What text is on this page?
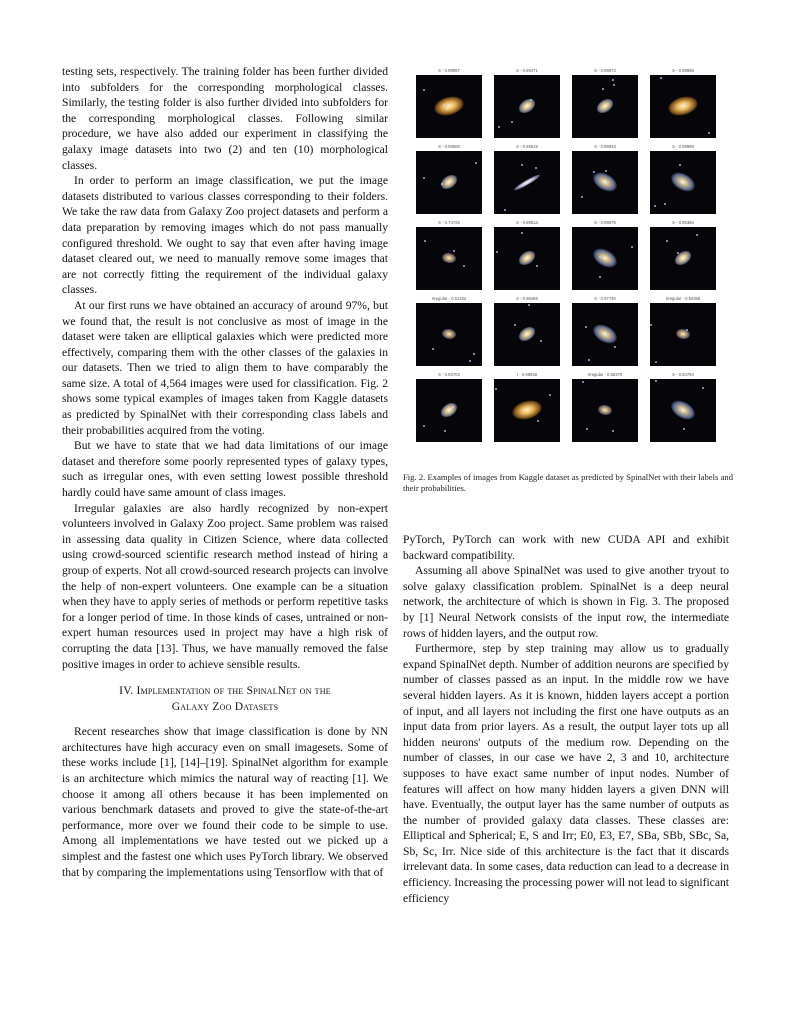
testing sets, respectively. The training folder has been further divided into subfolders for the corresponding morphological classes. Similarly, the testing folder is also further divided into subfolders for the corresponding morphological classes. Following similar procedure, we have also added our experiment in classifying the galaxy image datasets into two (2) and ten (10) morphological classes.

In order to perform an image classification, we put the image datasets distributed to various classes corresponding to their folders. We take the raw data from Galaxy Zoo project datasets and perform a data preparation by removing images which do not pass manually configured threshold. We ought to say that even after having image dataset cleared out, we need to manually remove some images that are not correctly fitting the requirement of the individual galaxy classes.

At our first runs we have obtained an accuracy of around 97%, but we found that, the result is not conclusive as most of image in the dataset were taken are elliptical galaxies which were predicted more effectively, comparing them with the other classes of the galaxies in our datasets. Then we tried to align them to have comparably the same size. A total of 4,564 images were used for classification. Fig. 2 shows some typical examples of images taken from Kaggle datasets as predicted by SpinalNet with their corresponding class labels and their probabilities acquired from the voting.

But we have to state that we had data limitations of our image dataset and therefore some poorly represented types of galaxy types, such as irregular ones, with even setting lowest possible threshold hardly could have same amount of class images.

Irregular galaxies are also hardly recognized by non-expert volunteers involved in Galaxy Zoo project. Same problem was raised in assessing data quality in Citizen Science, where data collected using crowd-sourced scientific research method instead of hiring a group of experts. Not all crowd-sourced research projects can involve the help of non-expert volunteers. One example can be a situation when they have to apply series of methods or perform repetitive tasks for a longer period of time. In those kinds of cases, untrained or non-expert human resources used in project may have a high risk of corrupting the data [13]. Thus, we have manually removed the false positive images in order to achieve sensible results.

IV. Implementation of the SpinalNet on the
Galaxy Zoo Datasets

Recent researches show that image classification is done by NN architectures have high accuracy even on small imagesets. Some of these works include [1], [14]–[19]. SpinalNet algorithm for example is an architecture which mimics the natural way of reacting [1]. We choose it among all others because it has been implemented on various benchmark datasets and proved to give the state-of-the-art performance, more over we found their code to be simple to use. Among all implementations we have tested out we picked up a simplest and the fastest one which uses PyTorch library. We observed that by comparing the implementations using Tensorflow with that of

S - 0.99997	S - 0.99471	S - 0.99973	S - 0.99999
S - 0.99500	S - 0.99619	S - 0.99933	S - 0.99998
S - 0.74726	S - 0.8951a	S - 0.99675	S - 0.96366
Irregular - 0.51232	S - 0.96465	S - 0.97740	Irregular - 0.54358
S - 0.93703	I - 0.99948	Irregular - 0.55370	S - 0.94794
Fig. 2. Examples of images from Kaggle dataset as predicted by SpinalNet with their labels and their probabilities.

PyTorch, PyTorch can work with new CUDA API and exhibit backward compatibility.

Assuming all above SpinalNet was used to give another tryout to solve galaxy classification problem. SpinalNet is a deep neural network, the architecture of which is shown in Fig. 3. The proposed by [1] Neural Network consists of the input row, the intermediate rows of hidden layers, and the output row.

Furthermore, step by step training may allow us to gradually expand SpinalNet depth. Number of addition neurons are specified by number of classes passed as an input. In the middle row we have several hidden layers. As it is known, hidden layers accept a portion of input, and all layers not including the first one have outputs as an input data from prior layers. As a result, the output layer tots up all hidden neurons' outputs of the medium row. Depending on the number of classes, in our case we have 2, 3 and 10, architecture supposes to have exact same number of input nodes. Number of features will affect on how many hidden layers a given DNN will have. Eventually, the output layer has the same number of outputs as the number of provided galaxy data classes. These classes are: Elliptical and Spherical; E, S and Irr; E0, E3, E7, SBa, SBb, SBc, Sa, Sb, Sc, Irr. Nice side of this architecture is the fact that it discards irrelevant data. In some cases, data reduction can lead to a decrease in efficiency. Increasing the processing power will not lead to significant efficiency
